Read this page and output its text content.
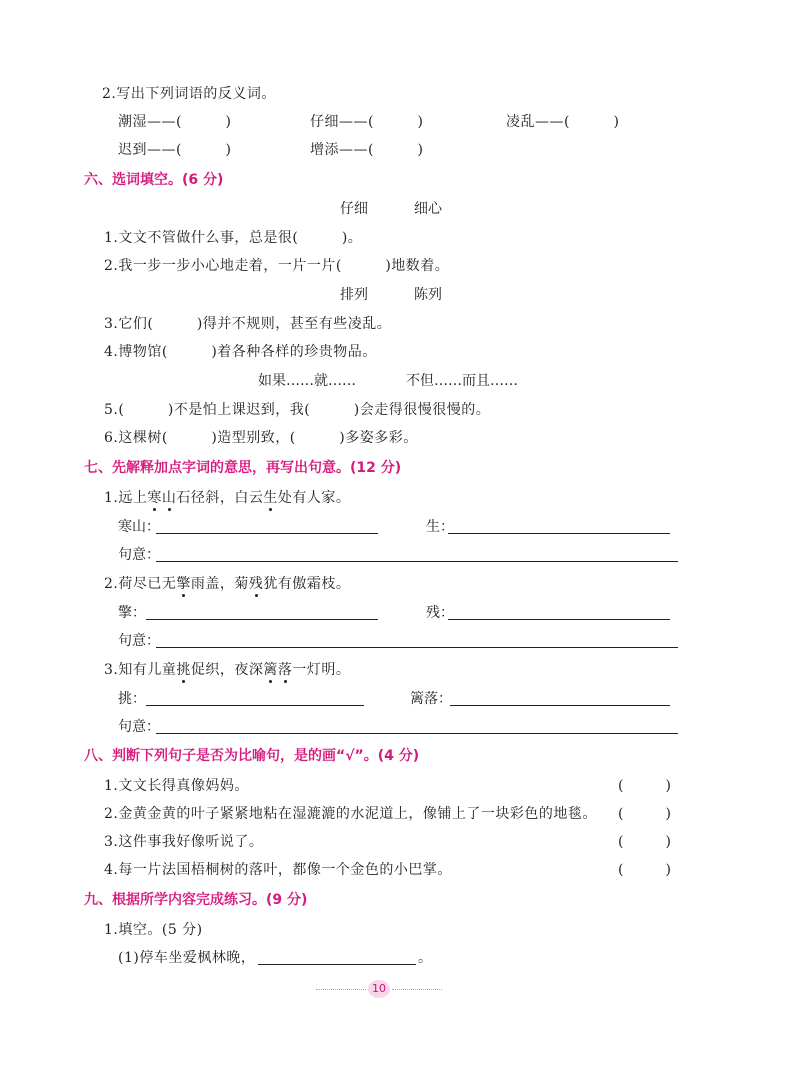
2.写出下列词语的反义词。
潮湿——(　　　)	仔细——(　　　)	凌乱——(　　　)
迟到——(　　　)	增添——(　　　)
六、选词填空。(6 分)
仔细	细心
1.文文不管做什么事，总是很(　　　)。
2.我一步一步小心地走着，一片一片(　　　)地数着。
排列	陈列
3.它们(　　　)得并不规则，甚至有些凌乱。
4.博物馆(　　　)着各种各样的珍贵物品。
如果……就……	不但……而且……
5.(　　　)不是怕上课迟到，我(　　　)会走得很慢很慢的。
6.这棵树(　　　)造型别致，(　　　)多姿多彩。
七、先解释加点字词的意思，再写出句意。(12 分)
1.远上寒山石径斜，白云生处有人家。
寒山：	生：
句意：
2.荷尽已无擎雨盖，菊残犹有傲霜枝。
擎：	残：
句意：
3.知有儿童挑促织，夜深篱落一灯明。
挑：	篱落：
句意：
八、判断下列句子是否为比喻句，是的画“√”。(4 分)
1.文文长得真像妈妈。	(　　　)
2.金黄金黄的叶子紧紧地粘在湿漉漉的水泥道上，像铺上了一块彩色的地毯。 (　　　)
3.这件事我好像听说了。	(　　　)
4.每一片法国梧桐树的落叶，都像一个金色的小巴掌。	(　　　)
九、根据所学内容完成练习。(9 分)
1.填空。(5 分)
(1)停车坐爱枫林晚，	。
10
